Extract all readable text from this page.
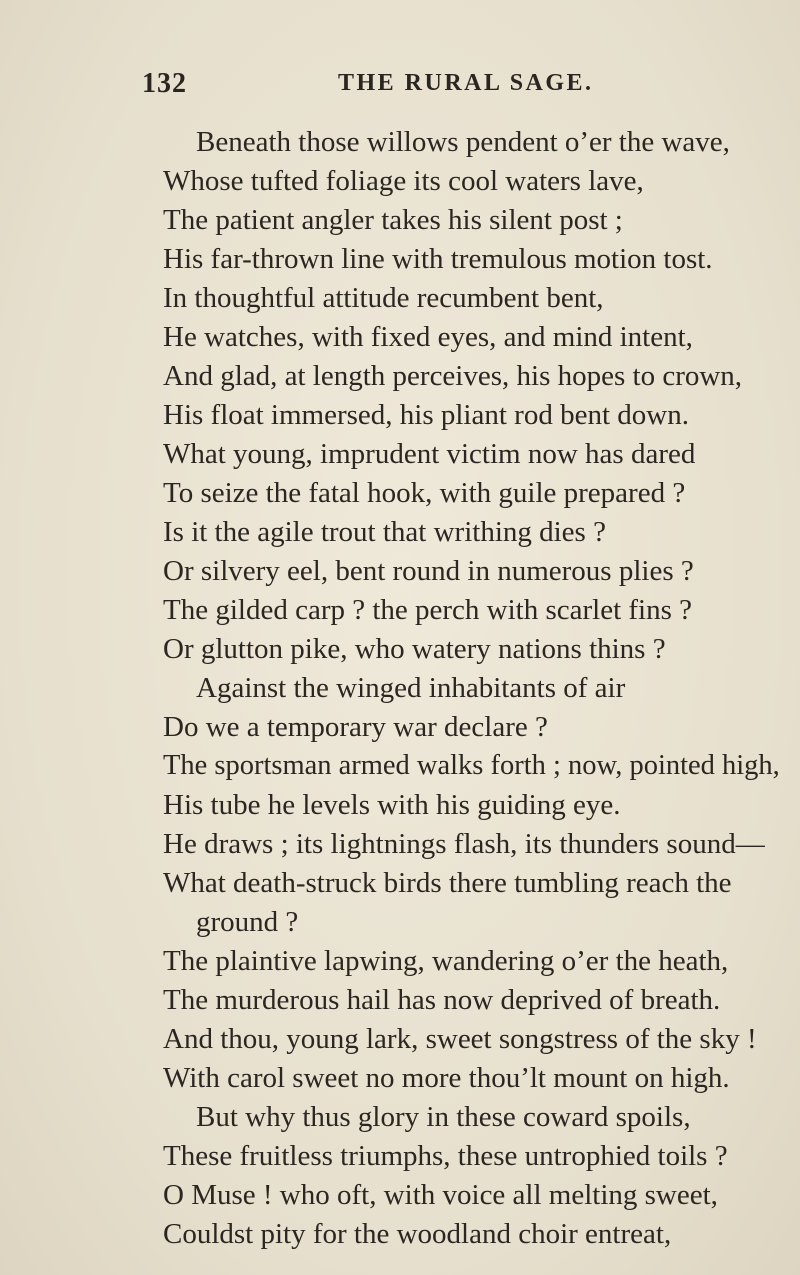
132	THE RURAL SAGE.
Beneath those willows pendent o’er the wave,
Whose tufted foliage its cool waters lave,
The patient angler takes his silent post ;
His far-thrown line with tremulous motion tost.
In thoughtful attitude recumbent bent,
He watches, with fixed eyes, and mind intent,
And glad, at length perceives, his hopes to crown,
His float immersed, his pliant rod bent down.
What young, imprudent victim now has dared
To seize the fatal hook, with guile prepared ?
Is it the agile trout that writhing dies ?
Or silvery eel, bent round in numerous plies ?
The gilded carp ? the perch with scarlet fins ?
Or glutton pike, who watery nations thins ?
Against the winged inhabitants of air
Do we a temporary war declare ?
The sportsman armed walks forth ; now, pointed high,
His tube he levels with his guiding eye.
He draws ; its lightnings flash, its thunders sound—
What death-struck birds there tumbling reach the
ground ?
The plaintive lapwing, wandering o’er the heath,
The murderous hail has now deprived of breath.
And thou, young lark, sweet songstress of the sky !
With carol sweet no more thou’lt mount on high.
But why thus glory in these coward spoils,
These fruitless triumphs, these untrophied toils ?
O Muse ! who oft, with voice all melting sweet,
Couldst pity for the woodland choir entreat,
